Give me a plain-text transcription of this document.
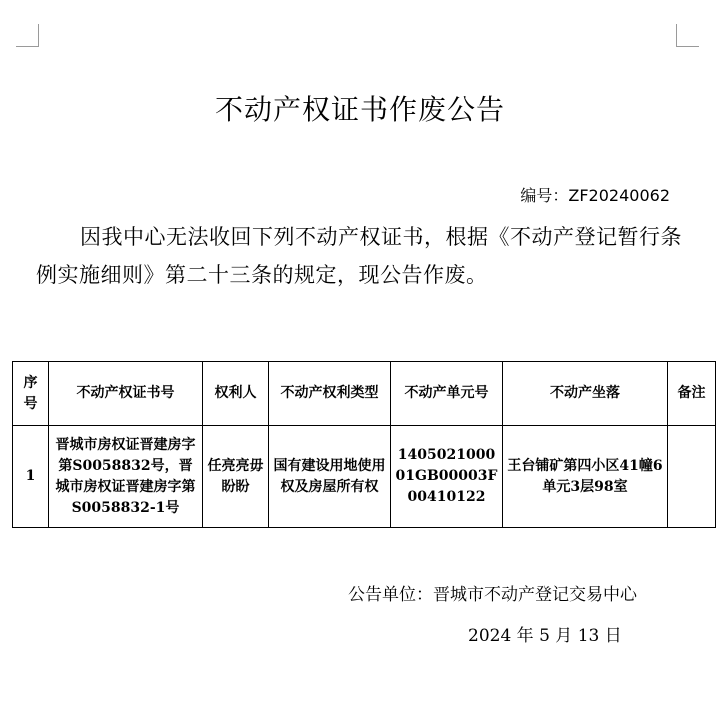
不动产权证书作废公告
编号：ZF20240062
因我中心无法收回下列不动产权证书，根据《不动产登记暂行条例实施细则》第二十三条的规定，现公告作废。
序号	不动产权证书号	权利人	不动产权利类型	不动产单元号	不动产坐落	备注
1	晋城市房权证晋建房字第S0058832号，晋城市房权证晋建房字第S0058832-1号	任亮亮毋盼盼	国有建设用地使用权及房屋所有权	140502100001GB00003F00410122	王台铺矿第四小区41幢6单元3层98室	
公告单位：晋城市不动产登记交易中心
2024 年 5 月 13 日
